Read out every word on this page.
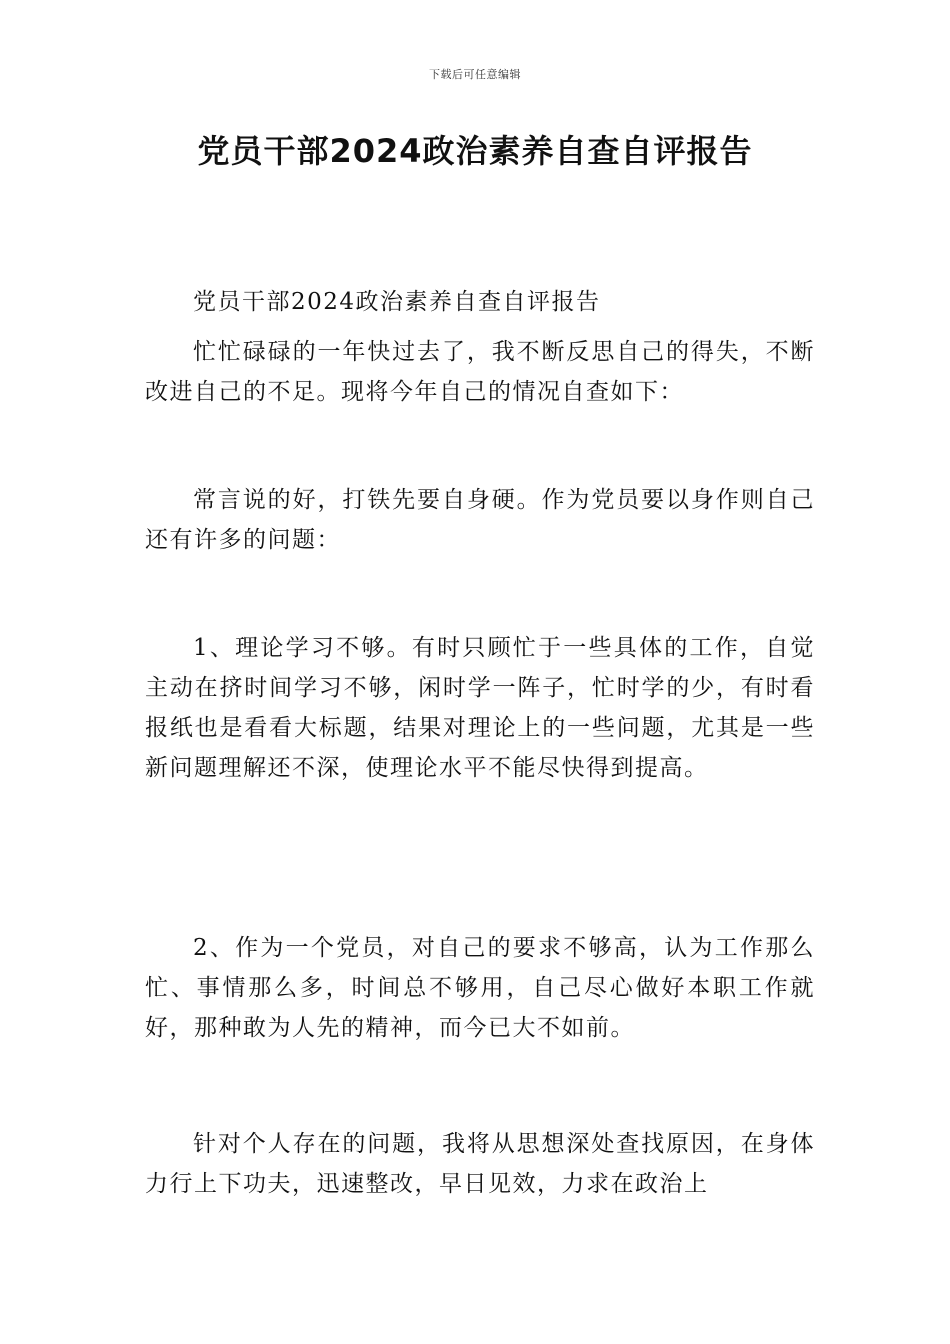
下载后可任意编辑
党员干部2024政治素养自查自评报告

党员干部2024政治素养自查自评报告

忙忙碌碌的一年快过去了，我不断反思自己的得失，不断改进自己的不足。现将今年自己的情况自查如下：

常言说的好，打铁先要自身硬。作为党员要以身作则自己还有许多的问题：

1、理论学习不够。有时只顾忙于一些具体的工作，自觉主动在挤时间学习不够，闲时学一阵子，忙时学的少，有时看报纸也是看看大标题，结果对理论上的一些问题，尤其是一些新问题理解还不深，使理论水平不能尽快得到提高。

2、作为一个党员，对自己的要求不够高，认为工作那么忙、事情那么多，时间总不够用，自己尽心做好本职工作就好，那种敢为人先的精神，而今已大不如前。

针对个人存在的问题，我将从思想深处查找原因，在身体力行上下功夫，迅速整改，早日见效，力求在政治上
